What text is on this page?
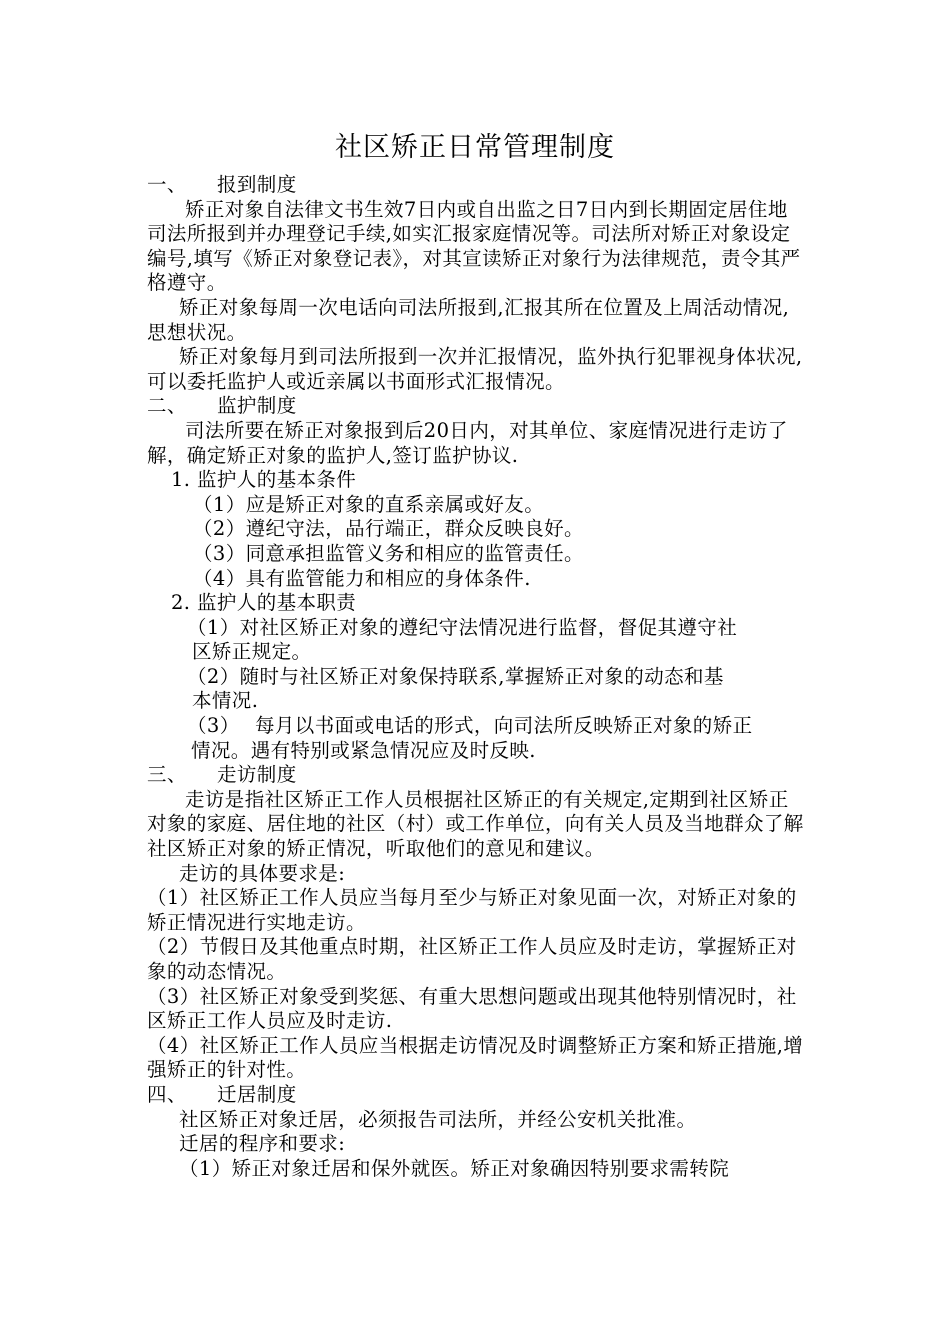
社区矫正日常管理制度

一、	报到制度

矫正对象自法律文书生效7日内或自出监之日7日内到长期固定居住地司法所报到并办理登记手续,如实汇报家庭情况等。司法所对矫正对象设定编号,填写《矫正对象登记表》，对其宣读矫正对象行为法律规范，责令其严格遵守。

矫正对象每周一次电话向司法所报到,汇报其所在位置及上周活动情况,思想状况。

矫正对象每月到司法所报到一次并汇报情况，监外执行犯罪视身体状况,可以委托监护人或近亲属以书面形式汇报情况。

二、	监护制度

司法所要在矫正对象报到后20日内，对其单位、家庭情况进行走访了解，确定矫正对象的监护人,签订监护协议.

1. 监护人的基本条件

（1）应是矫正对象的直系亲属或好友。

（2）遵纪守法，品行端正，群众反映良好。

（3）同意承担监管义务和相应的监管责任。

（4）具有监管能力和相应的身体条件.

2. 监护人的基本职责

（1）对社区矫正对象的遵纪守法情况进行监督，督促其遵守社
区矫正规定。

（2）随时与社区矫正对象保持联系,掌握矫正对象的动态和基
本情况.

（3） 每月以书面或电话的形式，向司法所反映矫正对象的矫正

情况。遇有特别或紧急情况应及时反映.

三、	走访制度

走访是指社区矫正工作人员根据社区矫正的有关规定,定期到社区矫正对象的家庭、居住地的社区（村）或工作单位，向有关人员及当地群众了解社区矫正对象的矫正情况，听取他们的意见和建议。

走访的具体要求是:

（1）社区矫正工作人员应当每月至少与矫正对象见面一次，对矫正对象的矫正情况进行实地走访。

（2）节假日及其他重点时期，社区矫正工作人员应及时走访，掌握矫正对象的动态情况。

（3）社区矫正对象受到奖惩、有重大思想问题或出现其他特别情况时，社区矫正工作人员应及时走访.

（4）社区矫正工作人员应当根据走访情况及时调整矫正方案和矫正措施,增强矫正的针对性。

四、	迁居制度

社区矫正对象迁居，必须报告司法所，并经公安机关批准。

迁居的程序和要求:

（1）矫正对象迁居和保外就医。矫正对象确因特别要求需转院
